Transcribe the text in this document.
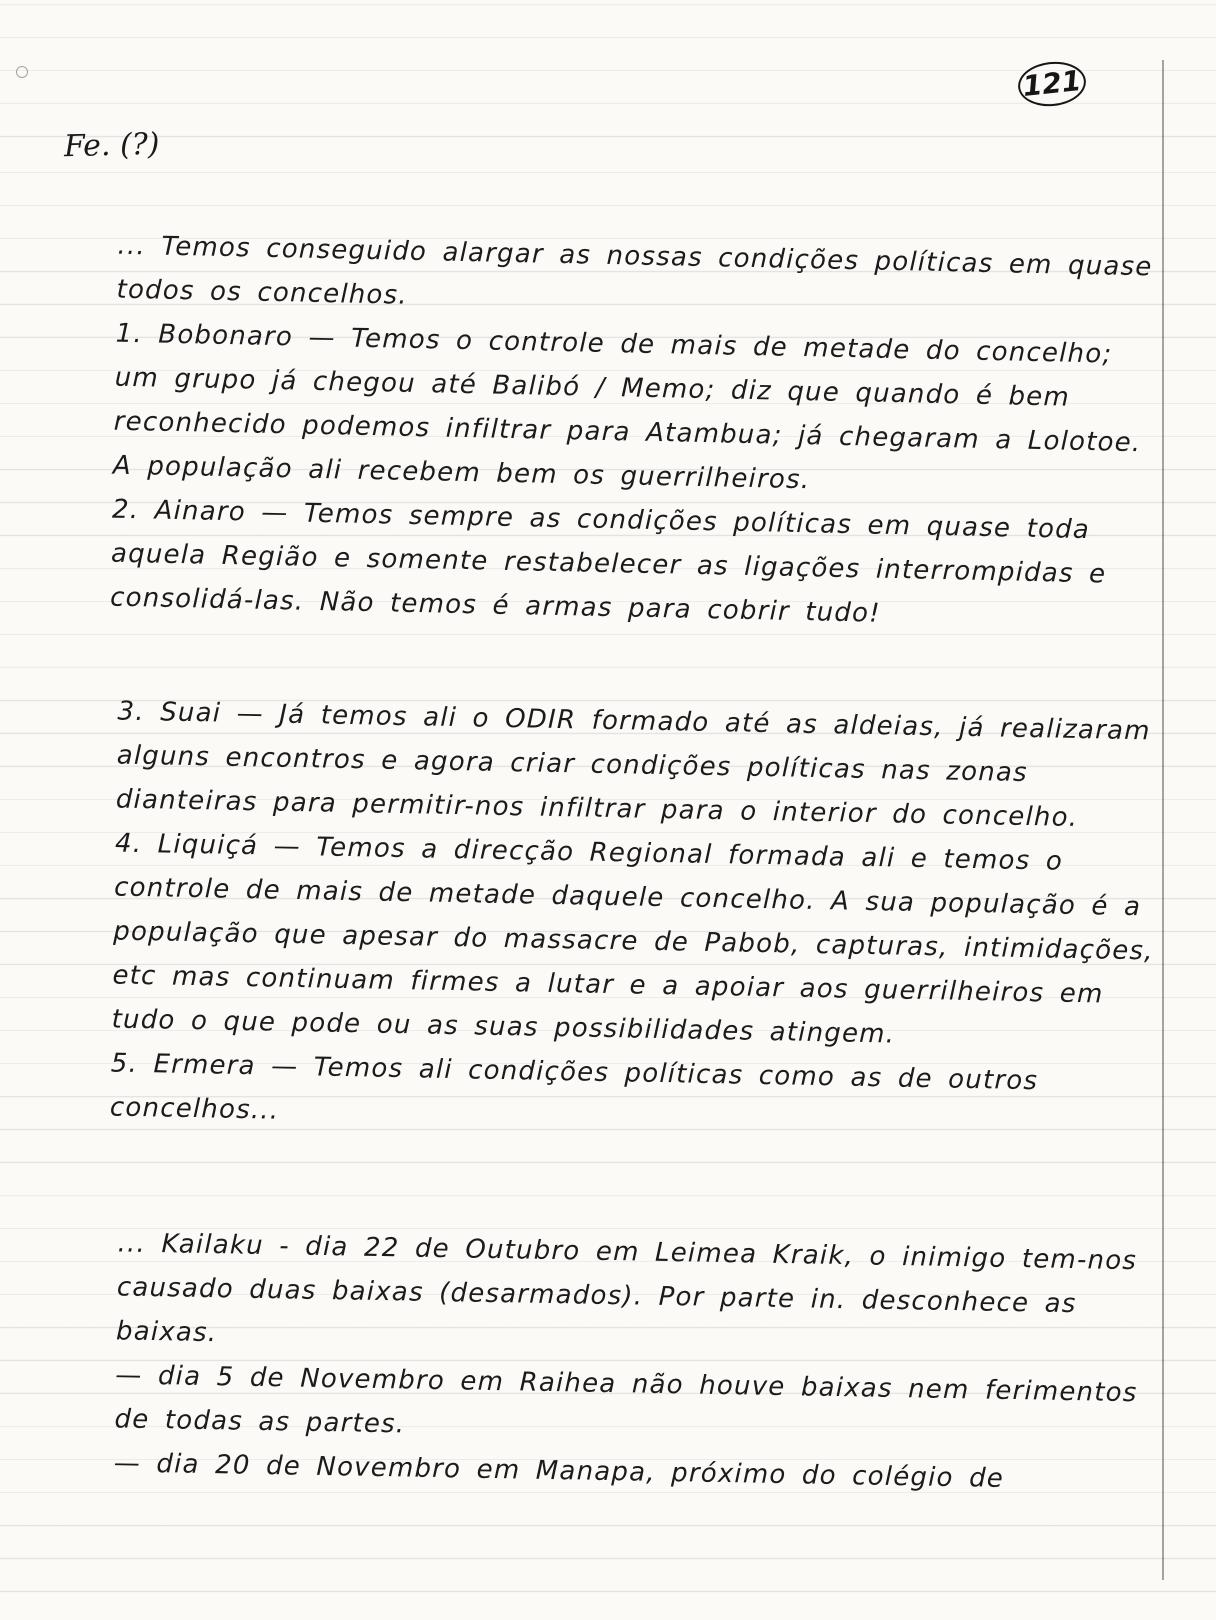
121
Fe. (?)

... Temos conseguido alargar as nossas condições políticas em quase todos os concelhos.

1. Bobonaro — Temos o controle de mais de metade do concelho; um grupo já chegou até Balibó / Memo; diz que quando é bem reconhecido podemos infiltrar para Atambua; já chegaram a Lolotoe. A população ali recebem bem os guerrilheiros.

2. Ainaro — Temos sempre as condições políticas em quase toda aquela Região e somente restabelecer as ligações interrompidas e consolidá-las. Não temos é armas para cobrir tudo!

3. Suai — Já temos ali o ODIR formado até as aldeias, já realizaram alguns encontros e agora criar condições políticas nas zonas dianteiras para permitir-nos infiltrar para o interior do concelho.

4. Liquiçá — Temos a direcção Regional formada ali e temos o controle de mais de metade daquele concelho. A sua população é a população que apesar do massacre de Pabob, capturas, intimidações, etc mas continuam firmes a lutar e a apoiar aos guerrilheiros em tudo o que pode ou as suas possibilidades atingem.

5. Ermera — Temos ali condições políticas como as de outros concelhos...

... Kailaku - dia 22 de Outubro em Leimea Kraik, o inimigo tem-nos causado duas baixas (desarmados). Por parte in. desconhece as baixas.

— dia 5 de Novembro em Raihea não houve baixas nem ferimentos de todas as partes.

— dia 20 de Novembro em Manapa, próximo do colégio de
